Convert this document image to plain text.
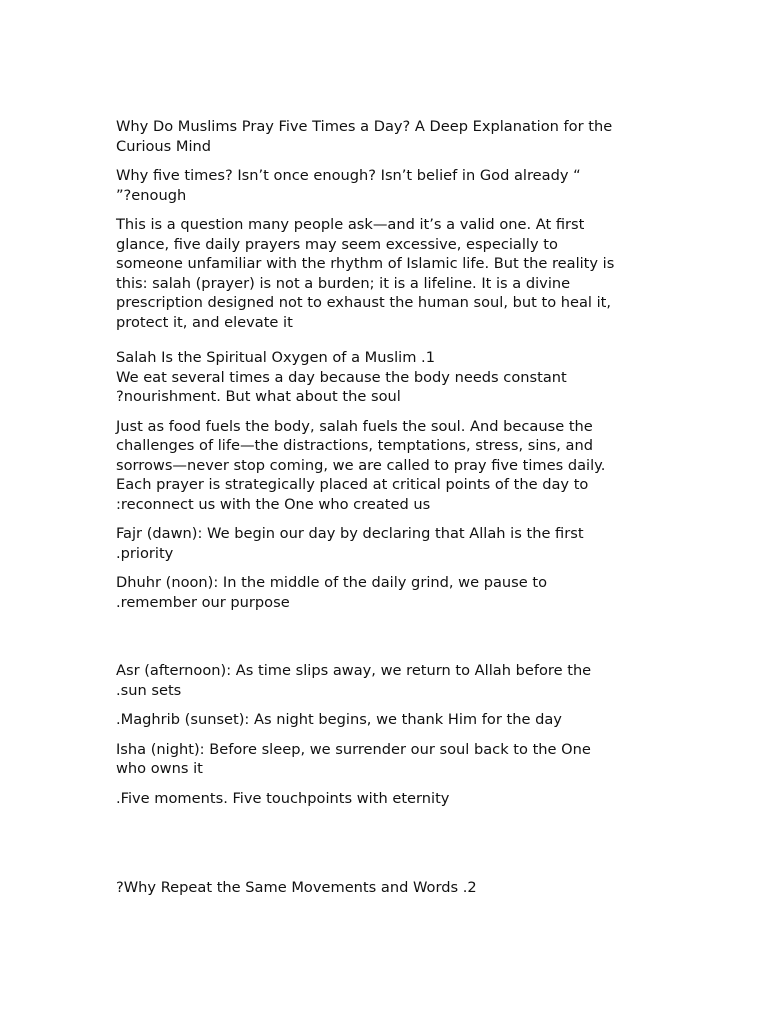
Why Do Muslims Pray Five Times a Day? A Deep Explanation for the
Curious Mind

Why five times? Isn’t once enough? Isn’t belief in God already “
”?enough

This is a question many people ask—and it’s a valid one. At first
glance, five daily prayers may seem excessive, especially to
someone unfamiliar with the rhythm of Islamic life. But the reality is
this: salah (prayer) is not a burden; it is a lifeline. It is a divine
prescription designed not to exhaust the human soul, but to heal it,
protect it, and elevate it

Salah Is the Spiritual Oxygen of a Muslim .1

We eat several times a day because the body needs constant
?nourishment. But what about the soul

Just as food fuels the body, salah fuels the soul. And because the
challenges of life—the distractions, temptations, stress, sins, and
sorrows—never stop coming, we are called to pray five times daily.
Each prayer is strategically placed at critical points of the day to
:reconnect us with the One who created us

Fajr (dawn): We begin our day by declaring that Allah is the first
.priority

Dhuhr (noon): In the middle of the daily grind, we pause to
.remember our purpose

Asr (afternoon): As time slips away, we return to Allah before the
.sun sets

.Maghrib (sunset): As night begins, we thank Him for the day

Isha (night): Before sleep, we surrender our soul back to the One
who owns it

.Five moments. Five touchpoints with eternity

?Why Repeat the Same Movements and Words .2
